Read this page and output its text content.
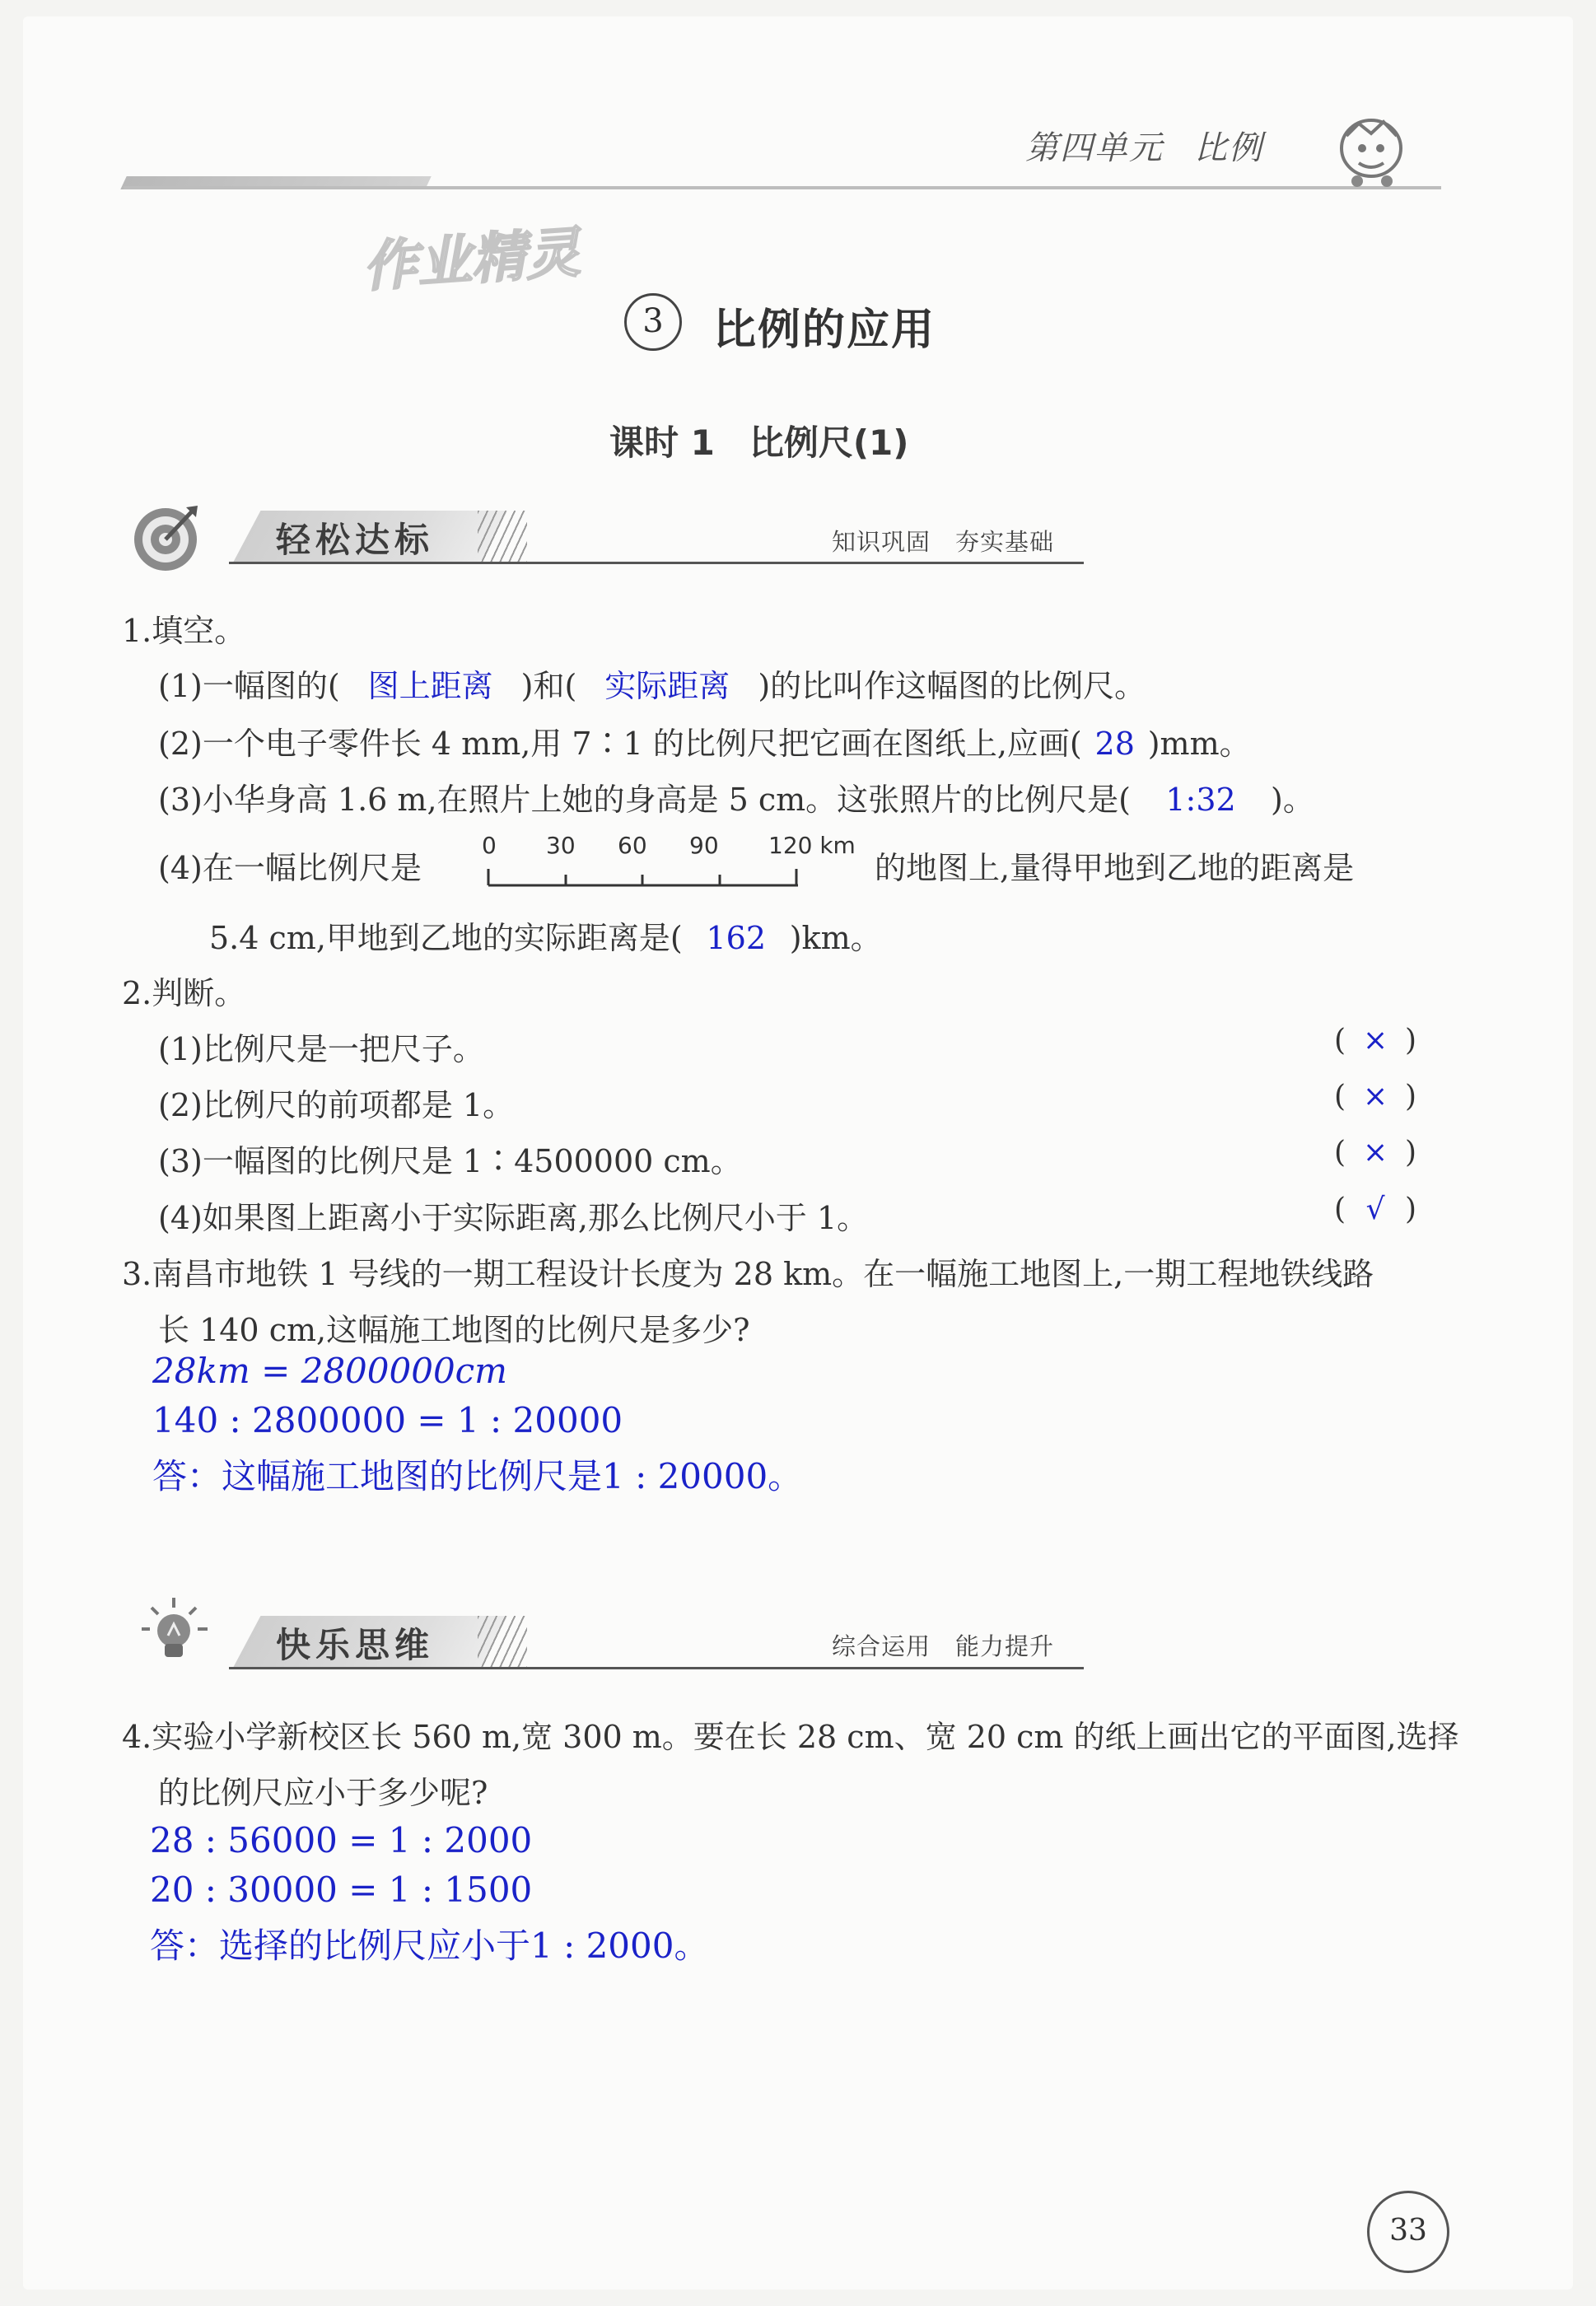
第四单元 比例
作业精灵
3	比例的应用
课时 1　比例尺(1)
轻松达标	知识巩固　夯实基础
1.填空。
(1)一幅图的( 图上距离 )和( 实际距离 )的比叫作这幅图的比例尺。
(2)一个电子零件长 4 mm,用 7∶1 的比例尺把它画在图纸上,应画( 28 )mm。
(3)小华身高 1.6 m,在照片上她的身高是 5 cm。这张照片的比例尺是( 1:32 )。
(4)在一幅比例尺是
0 30 60 90 120 km
的地图上,量得甲地到乙地的距离是
5.4 cm,甲地到乙地的实际距离是( 162 )km。
2.判断。
(1)比例尺是一把尺子。	( × )
(2)比例尺的前项都是 1。	( × )
(3)一幅图的比例尺是 1∶4500000 cm。	( × )
(4)如果图上距离小于实际距离,那么比例尺小于 1。	( √ )
3.南昌市地铁 1 号线的一期工程设计长度为 28 km。在一幅施工地图上,一期工程地铁线路
长 140 cm,这幅施工地图的比例尺是多少?
28km = 2800000cm
140 : 2800000 = 1 : 20000
答：这幅施工地图的比例尺是1 : 20000。
快乐思维	综合运用　能力提升
4.实验小学新校区长 560 m,宽 300 m。要在长 28 cm、宽 20 cm 的纸上画出它的平面图,选择
的比例尺应小于多少呢?
28 : 56000 = 1 : 2000
20 : 30000 = 1 : 1500
答：选择的比例尺应小于1 : 2000。
33
